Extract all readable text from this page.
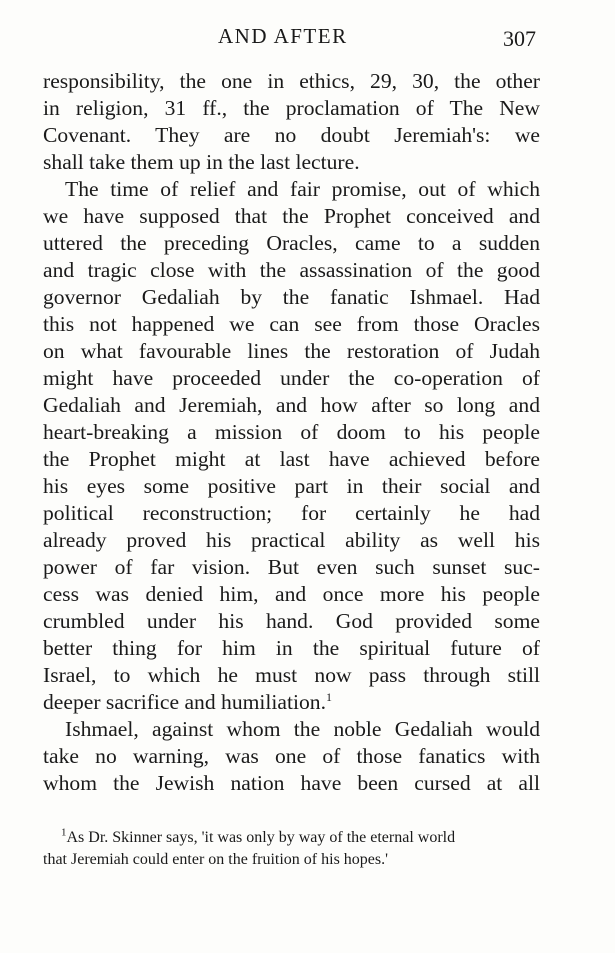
AND AFTER	307
responsibility, the one in ethics, 29, 30, the other
in religion, 31 ff., the proclamation of The New
Covenant. They are no doubt Jeremiah's: we
shall take them up in the last lecture.
The time of relief and fair promise, out of which
we have supposed that the Prophet conceived and
uttered the preceding Oracles, came to a sudden
and tragic close with the assassination of the good
governor Gedaliah by the fanatic Ishmael. Had
this not happened we can see from those Oracles
on what favourable lines the restoration of Judah
might have proceeded under the co-operation of
Gedaliah and Jeremiah, and how after so long and
heart-breaking a mission of doom to his people
the Prophet might at last have achieved before
his eyes some positive part in their social and
political reconstruction; for certainly he had
already proved his practical ability as well his
power of far vision. But even such sunset suc-
cess was denied him, and once more his people
crumbled under his hand. God provided some
better thing for him in the spiritual future of
Israel, to which he must now pass through still
deeper sacrifice and humiliation.$^1$
Ishmael, against whom the noble Gedaliah would
take no warning, was one of those fanatics with
whom the Jewish nation have been cursed at all
$^1$As Dr. Skinner says, 'it was only by way of the eternal world
that Jeremiah could enter on the fruition of his hopes.'
